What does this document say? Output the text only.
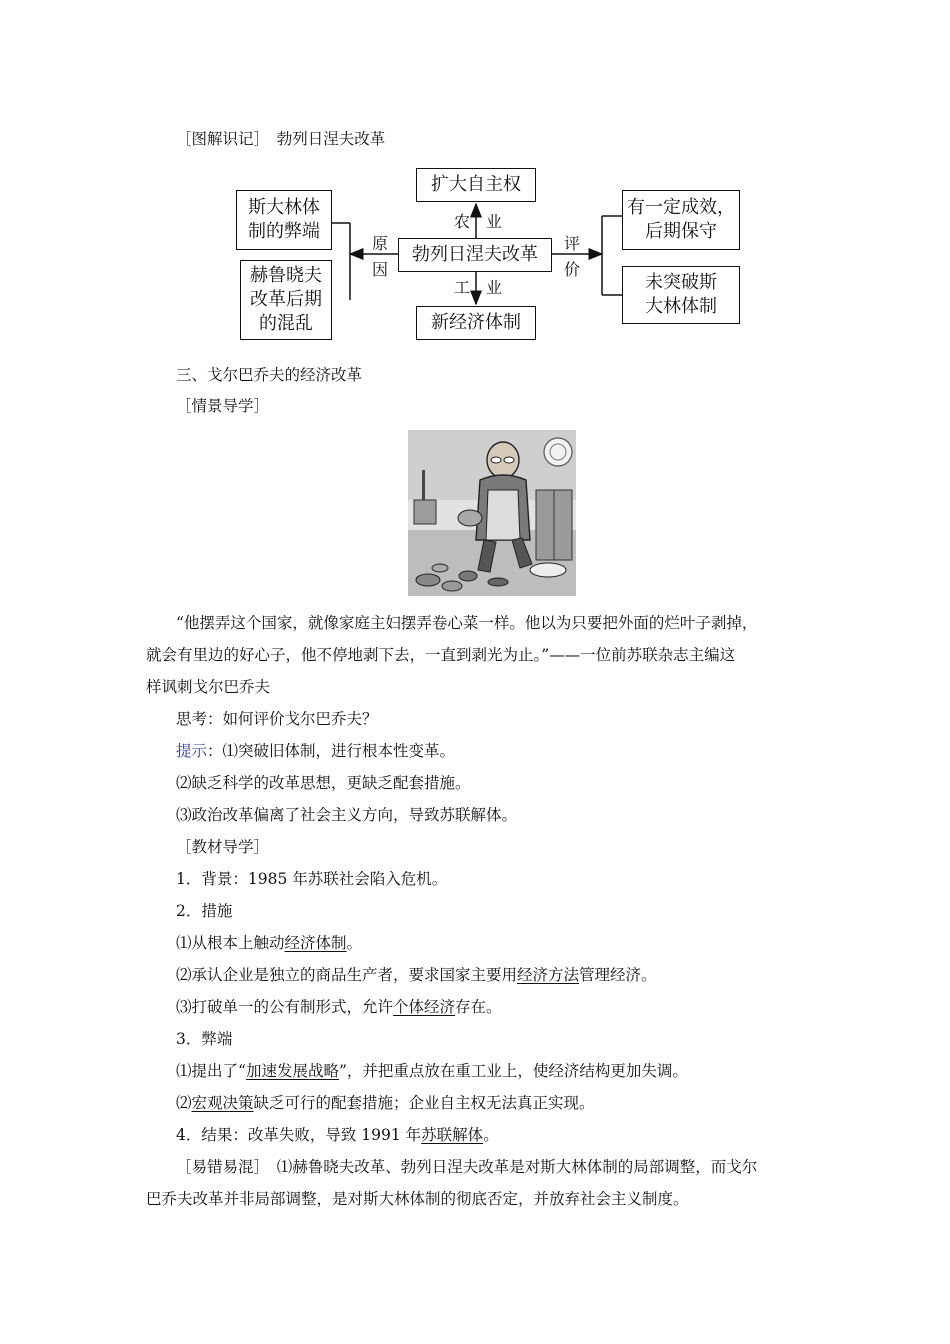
［图解识记］　勃列日涅夫改革
扩大自主权
勃列日涅夫改革
新经济体制
农　业
工　业
原
因
评
价
斯大林体
制的弊端
赫鲁晓夫
改革后期
的混乱
有一定成效，
后期保守
未突破斯
大林体制
三、戈尔巴乔夫的经济改革
［情景导学］
“他摆弄这个国家，就像家庭主妇摆弄卷心菜一样。他以为只要把外面的烂叶子剥掉，
就会有里边的好心子，他不停地剥下去，一直到剥光为止。”——一位前苏联杂志主编这
样讽刺戈尔巴乔夫
思考：如何评价戈尔巴乔夫？
提示：⑴突破旧体制，进行根本性变革。
⑵缺乏科学的改革思想，更缺乏配套措施。
⑶政治改革偏离了社会主义方向，导致苏联解体。
［教材导学］
1．背景：1985 年苏联社会陷入危机。
2．措施
⑴从根本上触动经济体制。
⑵承认企业是独立的商品生产者，要求国家主要用经济方法管理经济。
⑶打破单一的公有制形式，允许个体经济存在。
3．弊端
⑴提出了“加速发展战略”，并把重点放在重工业上，使经济结构更加失调。
⑵宏观决策缺乏可行的配套措施；企业自主权无法真正实现。
4．结果：改革失败，导致 1991 年苏联解体。
［易错易混］　⑴赫鲁晓夫改革、勃列日涅夫改革是对斯大林体制的局部调整，而戈尔
巴乔夫改革并非局部调整，是对斯大林体制的彻底否定，并放弃社会主义制度。
